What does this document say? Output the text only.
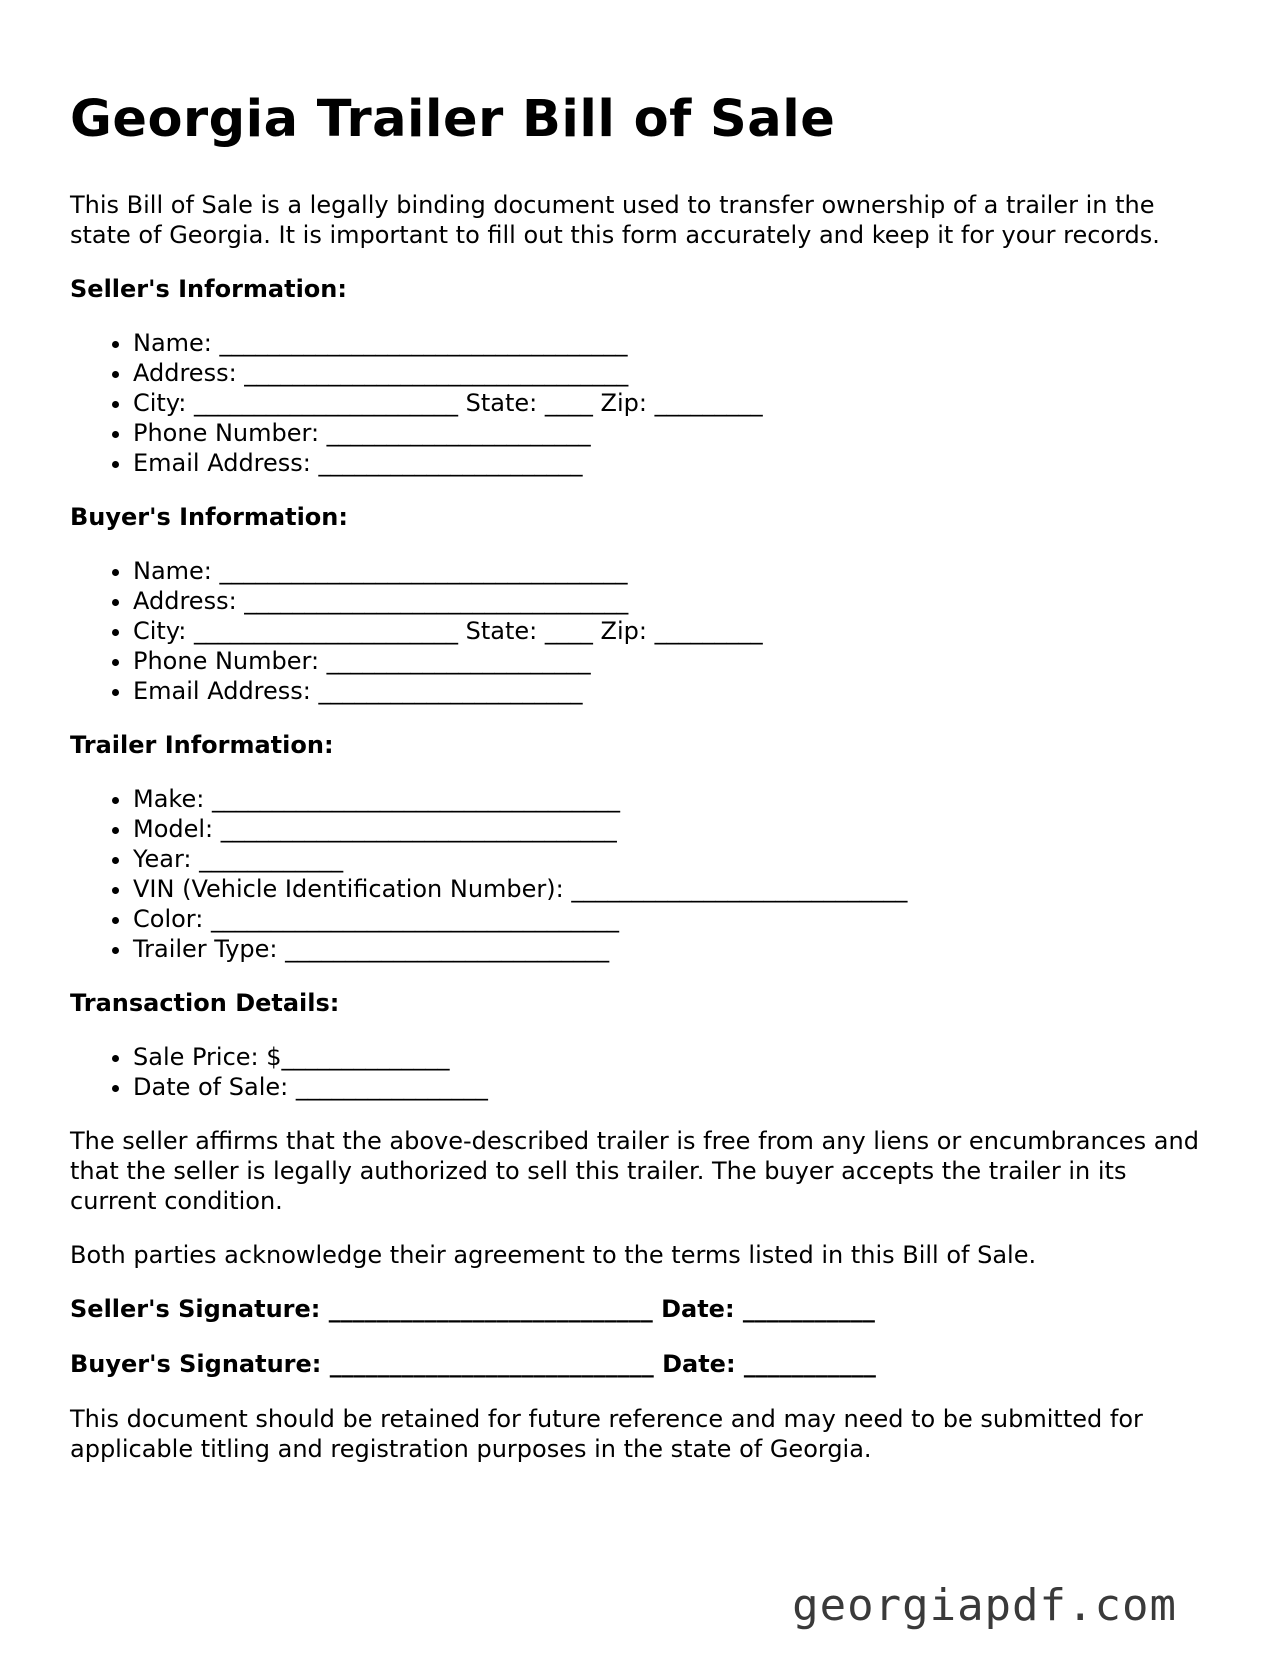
Georgia Trailer Bill of Sale

This Bill of Sale is a legally binding document used to transfer ownership of a trailer in the state of Georgia. It is important to fill out this form accurately and keep it for your records.

Seller's Information:
• Name: __________________________________
• Address: ________________________________
• City: ______________________ State: ____ Zip: _________
• Phone Number: ______________________
• Email Address: ______________________
Buyer's Information:
• Name: __________________________________
• Address: ________________________________
• City: ______________________ State: ____ Zip: _________
• Phone Number: ______________________
• Email Address: ______________________
Trailer Information:
• Make: __________________________________
• Model: _________________________________
• Year: ____________
• VIN (Vehicle Identification Number): ____________________________
• Color: __________________________________
• Trailer Type: ___________________________
Transaction Details:
• Sale Price: $______________
• Date of Sale: ________________

The seller affirms that the above-described trailer is free from any liens or encumbrances and that the seller is legally authorized to sell this trailer. The buyer accepts the trailer in its current condition.

Both parties acknowledge their agreement to the terms listed in this Bill of Sale.

Seller's Signature: ___________________________ Date: ___________
Buyer's Signature: ___________________________ Date: ___________

This document should be retained for future reference and may need to be submitted for applicable titling and registration purposes in the state of Georgia.

georgiapdf.com
